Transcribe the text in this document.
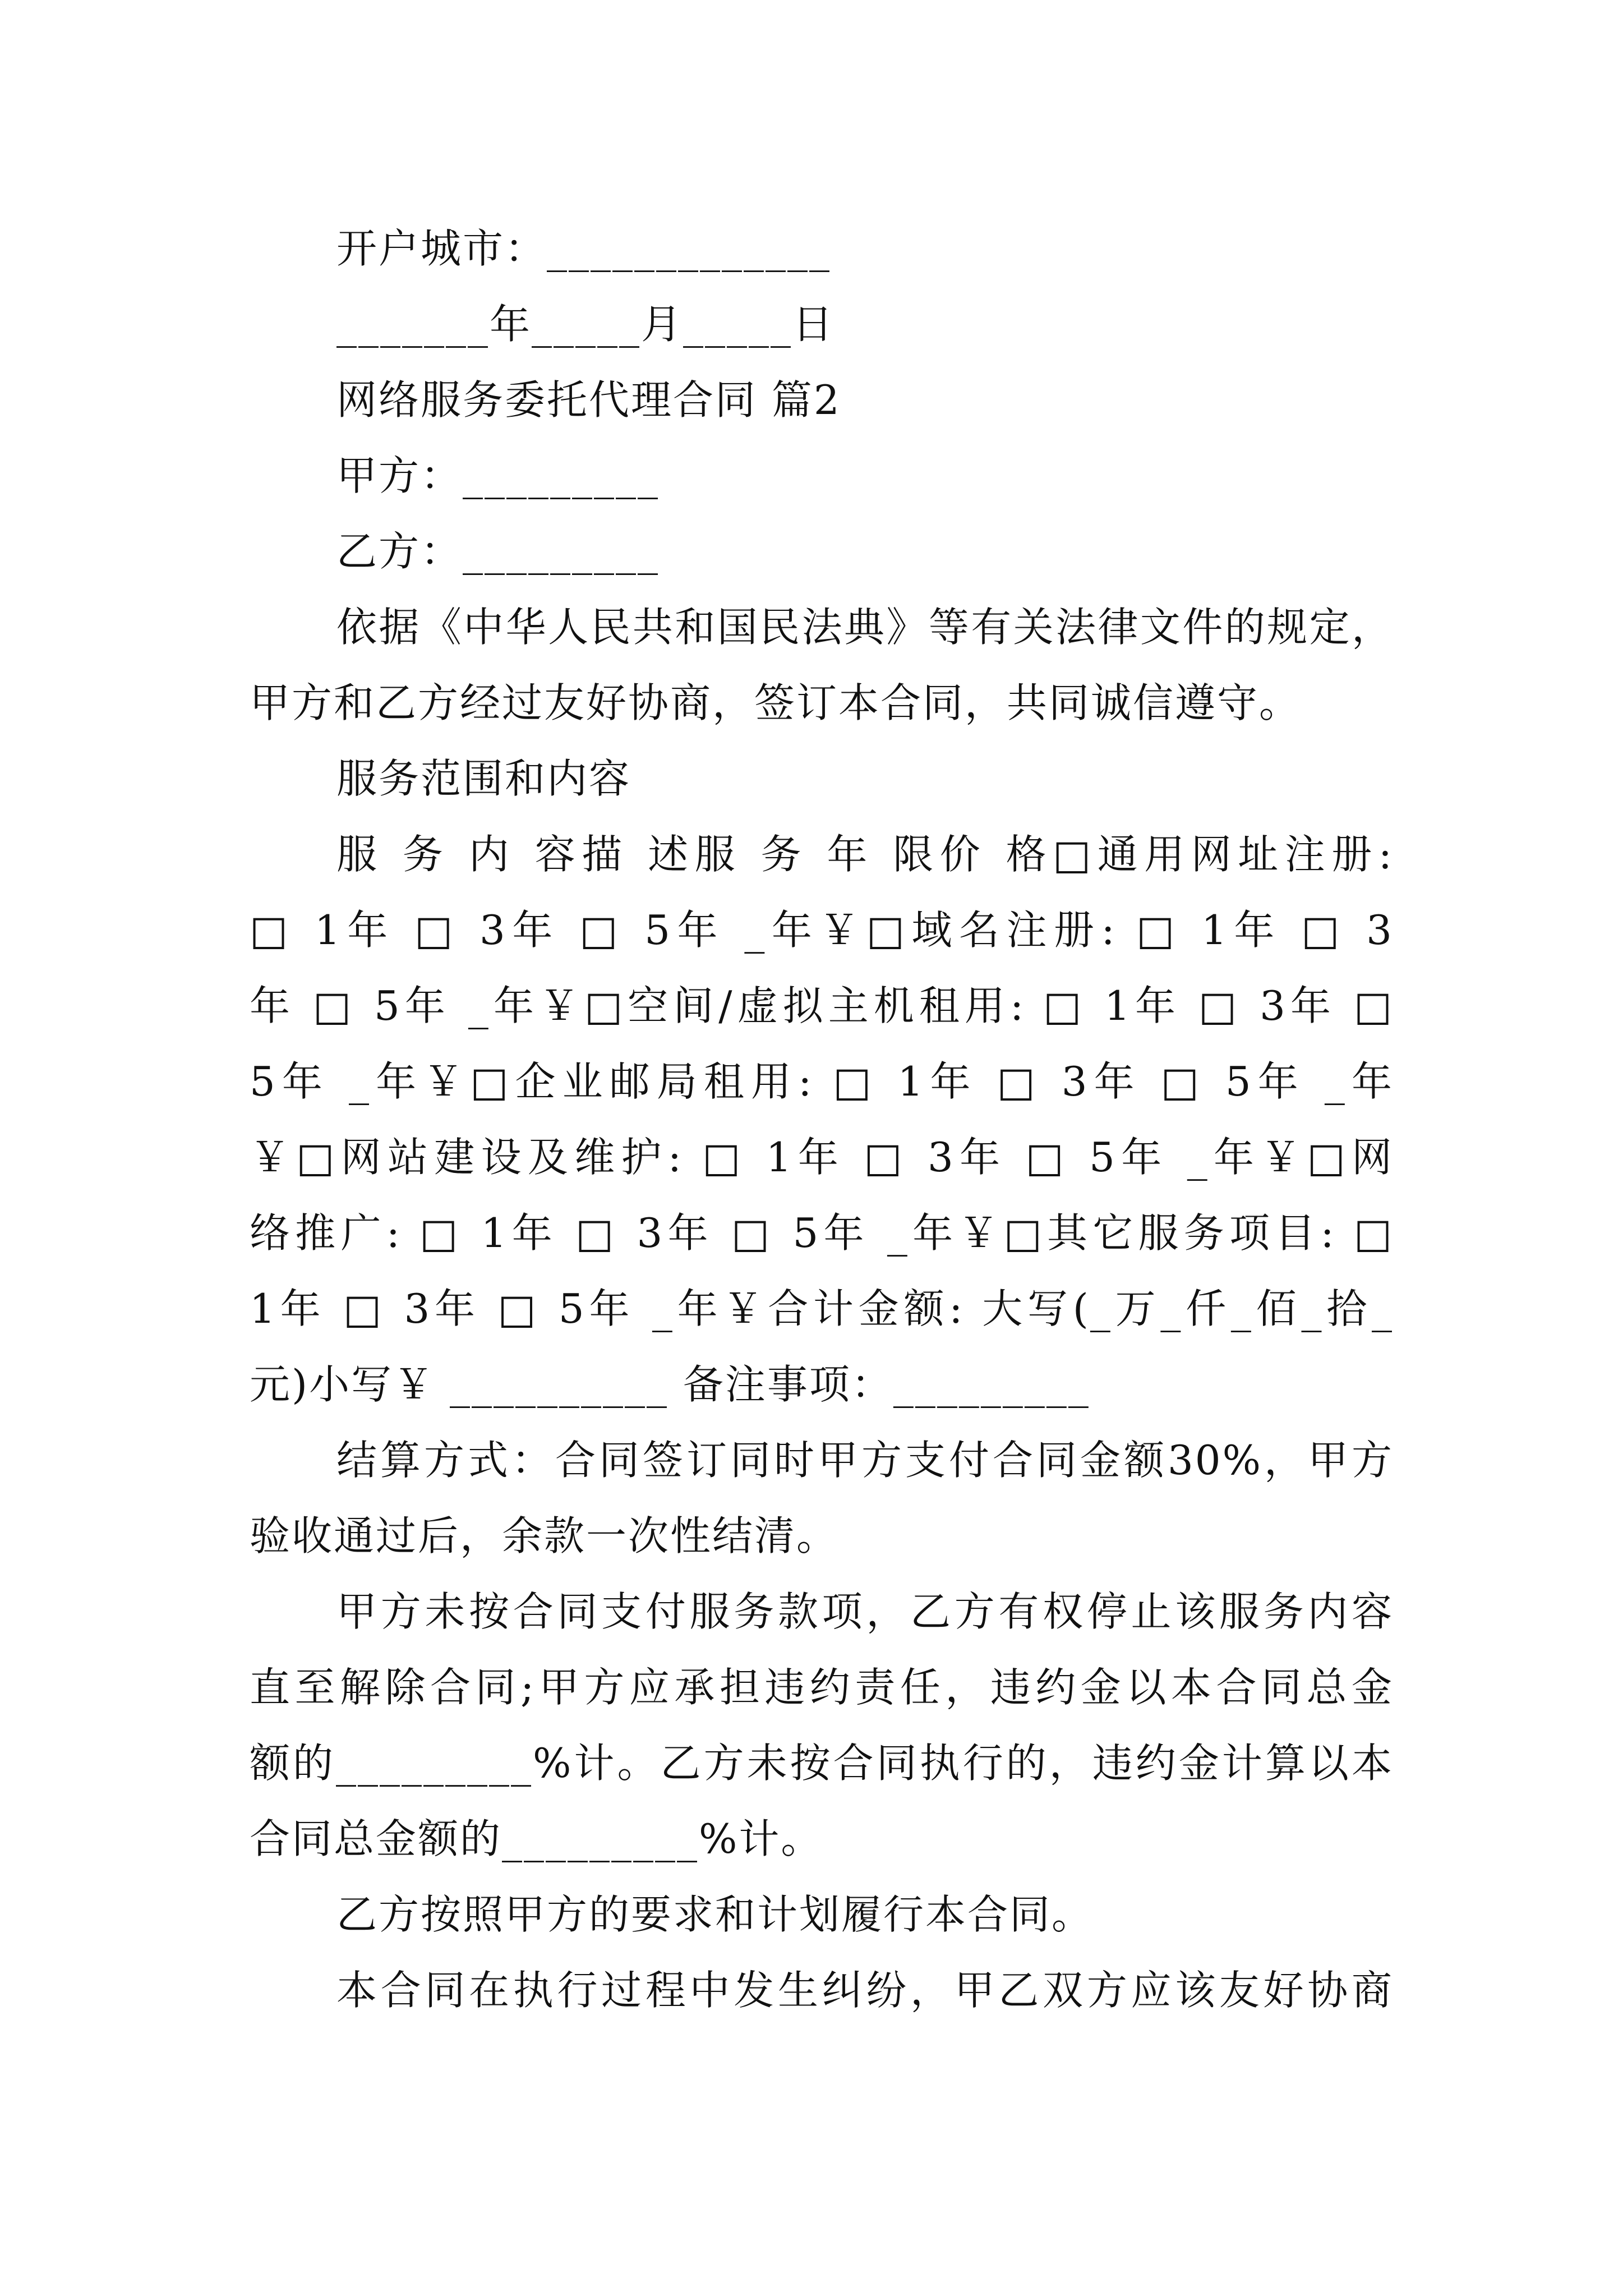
开户城市：_____________
_______年_____月_____日
网络服务委托代理合同 篇2
甲方：_________
乙方：_________
依据《中华人民共和国民法典》等有关法律文件的规定，
甲方和乙方经过友好协商，签订本合同，共同诚信遵守。
服务范围和内容
服 务 内 容描 述服 务 年 限价 格□通用网址注册:
□ 1年 □ 3年 □ 5年 _年￥□域名注册: □ 1年 □ 3
年 □ 5年 _年￥□空间/虚拟主机租用: □ 1年 □ 3年 □
5年 _年￥□企业邮局租用: □ 1年 □ 3年 □ 5年 _年
￥□网站建设及维护: □ 1年 □ 3年 □ 5年 _年￥□网
络推广: □ 1年 □ 3年 □ 5年 _年￥□其它服务项目: □
1年 □ 3年 □ 5年 _年￥合计金额: 大写(_万_仟_佰_拾_
元)小写￥ __________ 备注事项：_________
结算方式：合同签订同时甲方支付合同金额30%，甲方
验收通过后，余款一次性结清。
甲方未按合同支付服务款项，乙方有权停止该服务内容
直至解除合同;甲方应承担违约责任，违约金以本合同总金
额的_________%计。乙方未按合同执行的，违约金计算以本
合同总金额的_________%计。
乙方按照甲方的要求和计划履行本合同。
本合同在执行过程中发生纠纷，甲乙双方应该友好协商
